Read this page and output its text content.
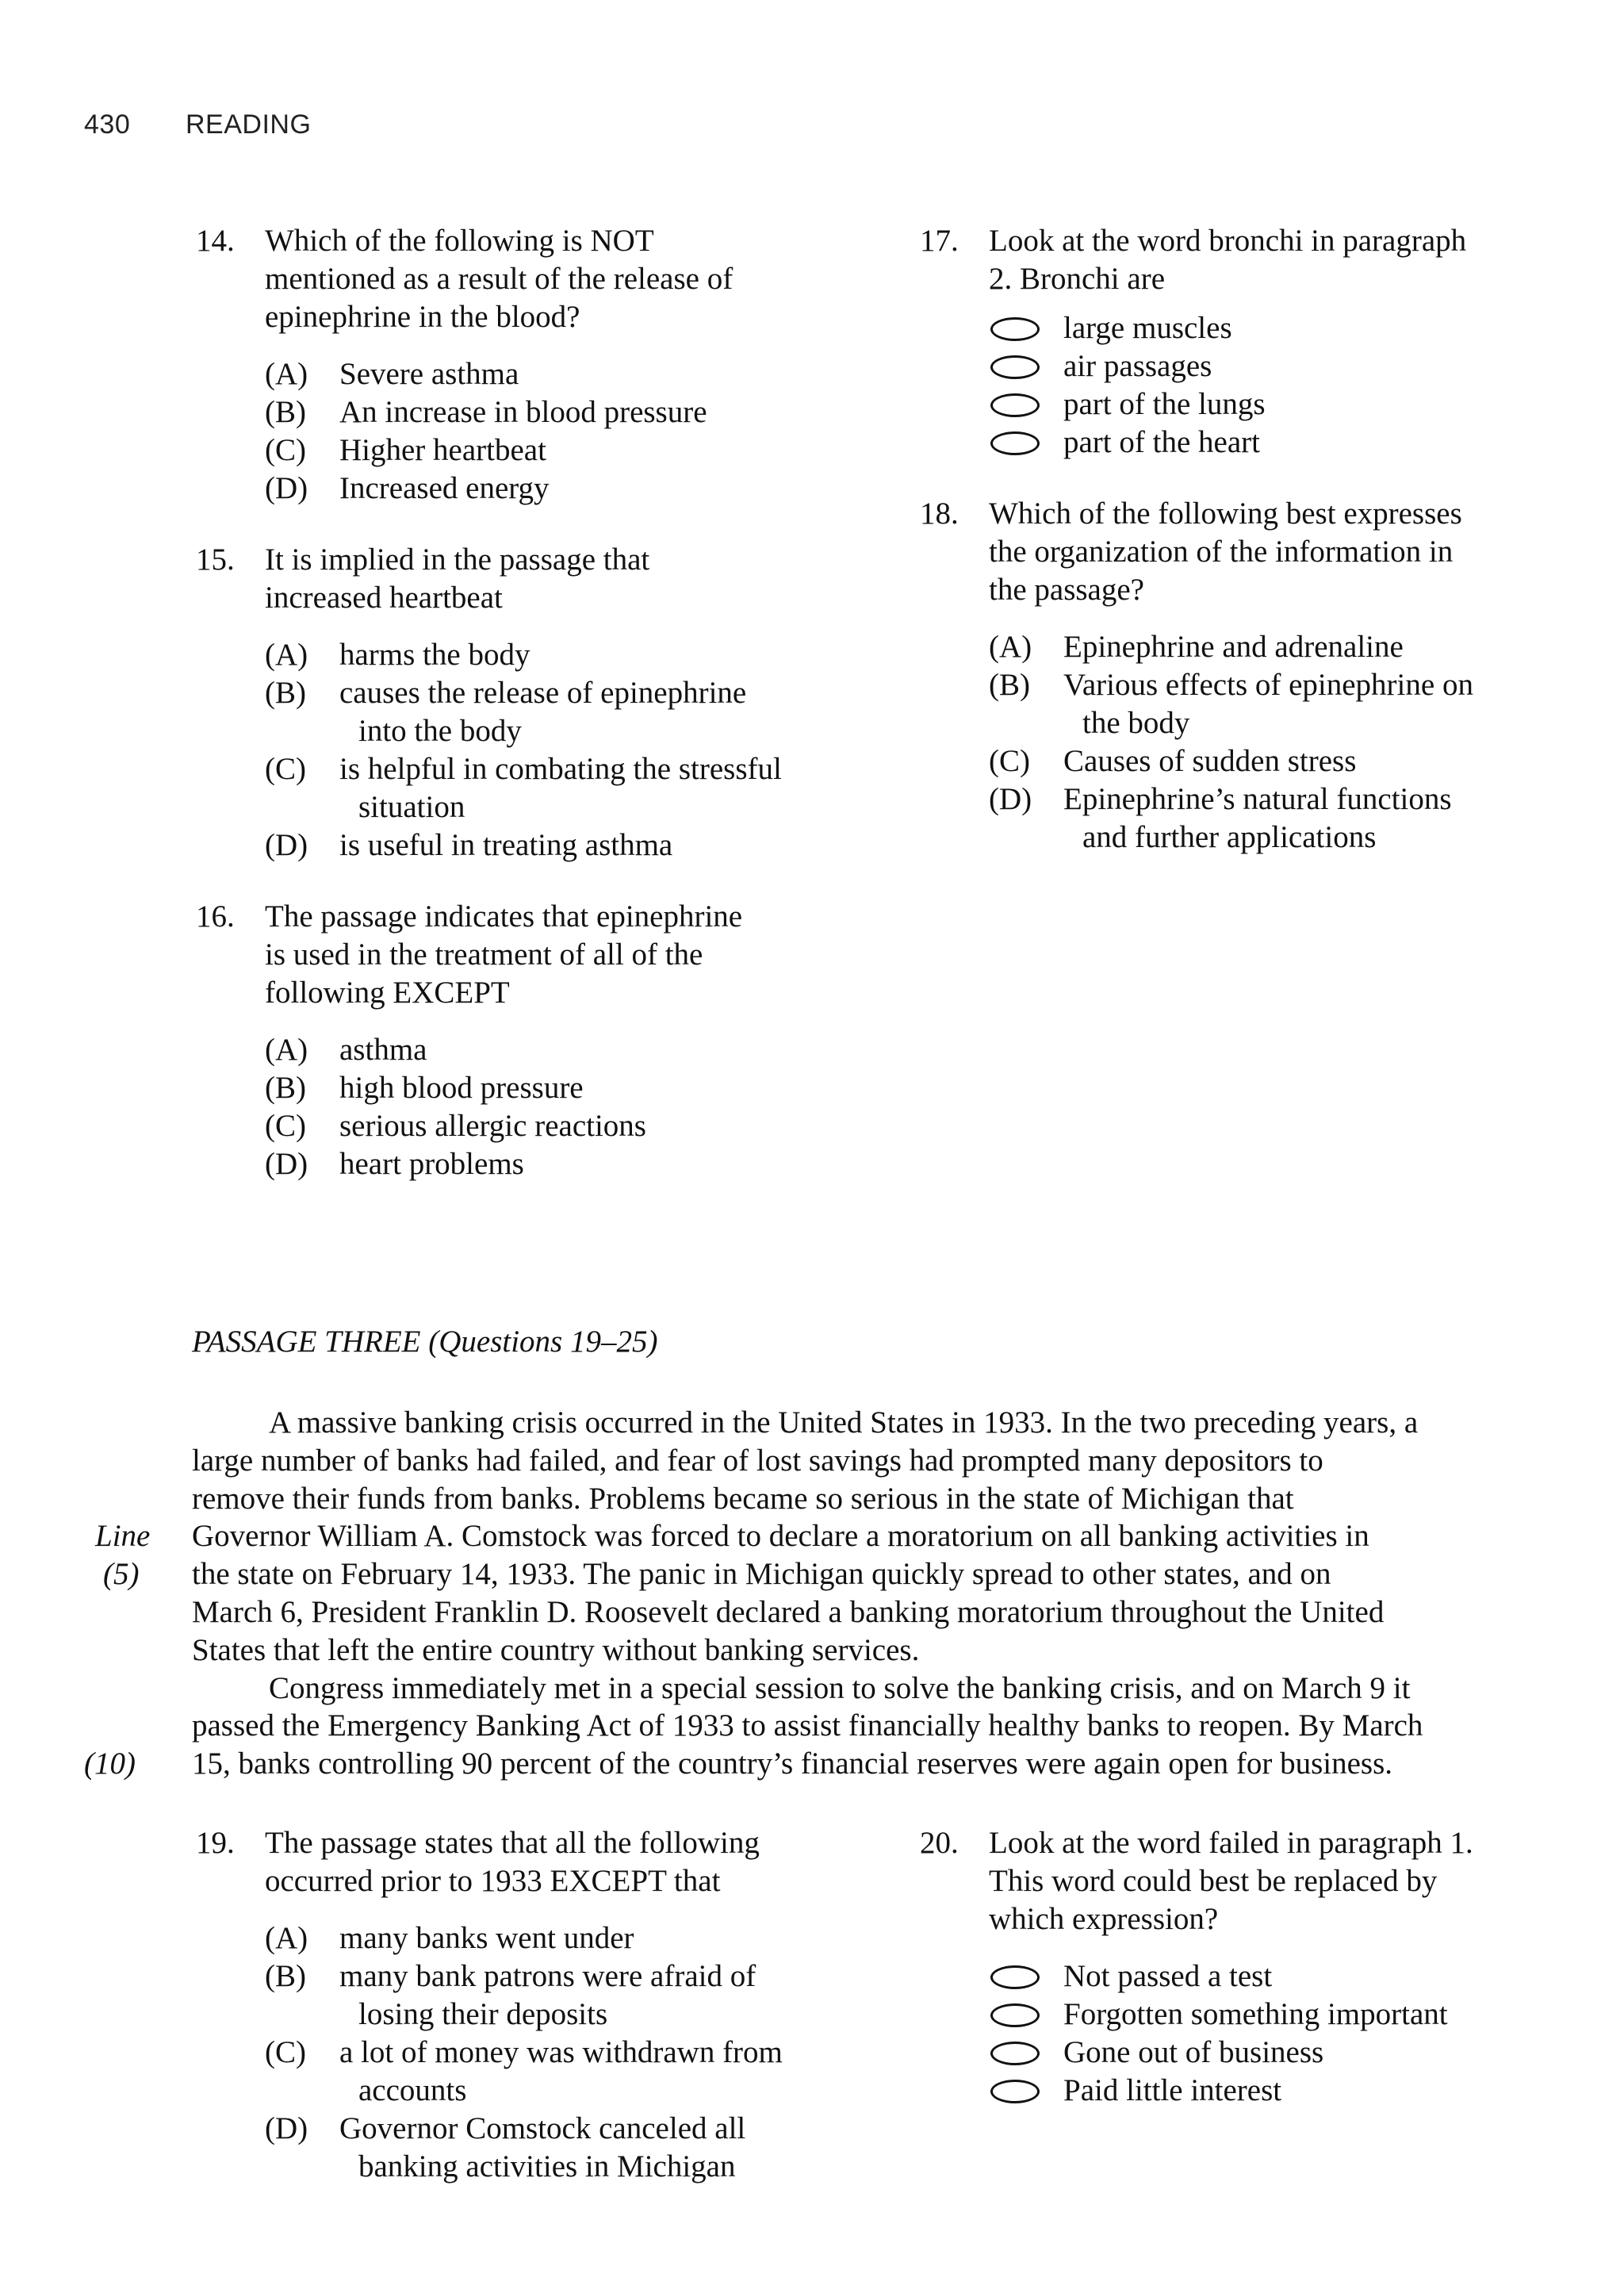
430 READING
14. Which of the following is NOT
mentioned as a result of the release of
epinephrine in the blood?
(A) Severe asthma
(B) An increase in blood pressure
(C) Higher heartbeat
(D) Increased energy
15. It is implied in the passage that
increased heartbeat
(A) harms the body
(B) causes the release of epinephrine
into the body
(C) is helpful in combating the stressful
situation
(D) is useful in treating asthma
16. The passage indicates that epinephrine
is used in the treatment of all of the
following EXCEPT
(A) asthma
(B) high blood pressure
(C) serious allergic reactions
(D) heart problems
17. Look at the word bronchi in paragraph
2. Bronchi are
large muscles
air passages
part of the lungs
part of the heart
18. Which of the following best expresses
the organization of the information in
the passage?
(A) Epinephrine and adrenaline
(B) Various effects of epinephrine on
the body
(C) Causes of sudden stress
(D) Epinephrine’s natural functions
and further applications
PASSAGE THREE (Questions 19–25)
Line
(5)
(10)
A massive banking crisis occurred in the United States in 1933. In the two preceding years, a
large number of banks had failed, and fear of lost savings had prompted many depositors to
remove their funds from banks. Problems became so serious in the state of Michigan that
Governor William A. Comstock was forced to declare a moratorium on all banking activities in
the state on February 14, 1933. The panic in Michigan quickly spread to other states, and on
March 6, President Franklin D. Roosevelt declared a banking moratorium throughout the United
States that left the entire country without banking services.
Congress immediately met in a special session to solve the banking crisis, and on March 9 it
passed the Emergency Banking Act of 1933 to assist financially healthy banks to reopen. By March
15, banks controlling 90 percent of the country’s financial reserves were again open for business.
19. The passage states that all the following
occurred prior to 1933 EXCEPT that
(A) many banks went under
(B) many bank patrons were afraid of
losing their deposits
(C) a lot of money was withdrawn from
accounts
(D) Governor Comstock canceled all
banking activities in Michigan
20. Look at the word failed in paragraph 1.
This word could best be replaced by
which expression?
Not passed a test
Forgotten something important
Gone out of business
Paid little interest
